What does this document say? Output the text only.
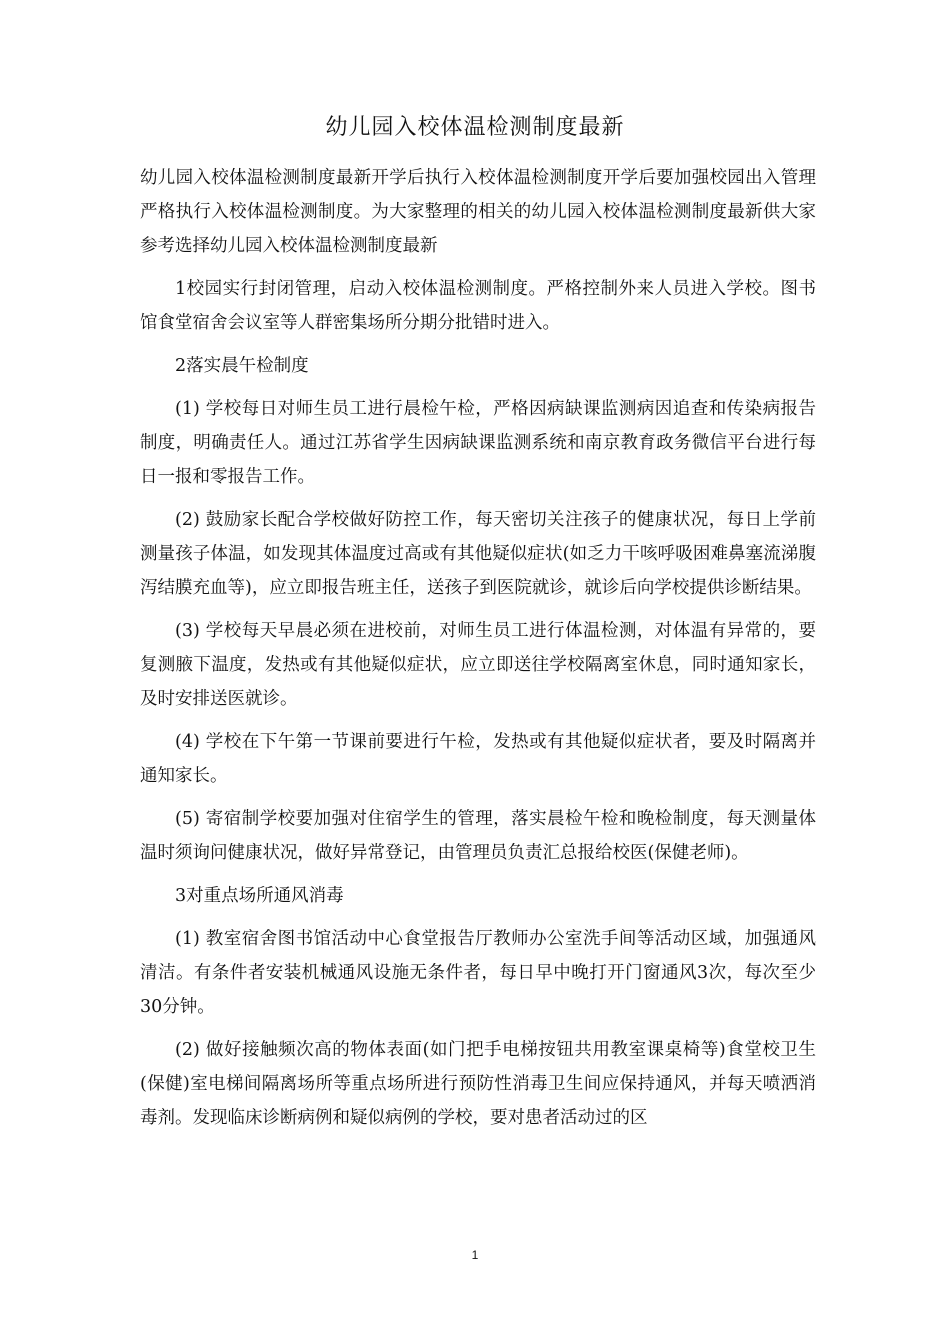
幼儿园入校体温检测制度最新

幼儿园入校体温检测制度最新开学后执行入校体温检测制度开学后要加强校园出入管理严格执行入校体温检测制度。为大家整理的相关的幼儿园入校体温检测制度最新供大家参考选择幼儿园入校体温检测制度最新

1校园实行封闭管理，启动入校体温检测制度。严格控制外来人员进入学校。图书馆食堂宿舍会议室等人群密集场所分期分批错时进入。

2落实晨午检制度

(1) 学校每日对师生员工进行晨检午检，严格因病缺课监测病因追查和传染病报告制度，明确责任人。通过江苏省学生因病缺课监测系统和南京教育政务微信平台进行每日一报和零报告工作。

(2) 鼓励家长配合学校做好防控工作，每天密切关注孩子的健康状况，每日上学前测量孩子体温，如发现其体温度过高或有其他疑似症状(如乏力干咳呼吸困难鼻塞流涕腹泻结膜充血等)，应立即报告班主任，送孩子到医院就诊，就诊后向学校提供诊断结果。

(3) 学校每天早晨必须在进校前，对师生员工进行体温检测，对体温有异常的，要复测腋下温度，发热或有其他疑似症状，应立即送往学校隔离室休息，同时通知家长，及时安排送医就诊。

(4) 学校在下午第一节课前要进行午检，发热或有其他疑似症状者，要及时隔离并通知家长。

(5) 寄宿制学校要加强对住宿学生的管理，落实晨检午检和晚检制度，每天测量体温时须询问健康状况，做好异常登记，由管理员负责汇总报给校医(保健老师)。

3对重点场所通风消毒

(1) 教室宿舍图书馆活动中心食堂报告厅教师办公室洗手间等活动区域，加强通风清洁。有条件者安装机械通风设施无条件者，每日早中晚打开门窗通风3次，每次至少30分钟。

(2) 做好接触频次高的物体表面(如门把手电梯按钮共用教室课桌椅等)食堂校卫生(保健)室电梯间隔离场所等重点场所进行预防性消毒卫生间应保持通风，并每天喷洒消毒剂。发现临床诊断病例和疑似病例的学校，要对患者活动过的区

1
